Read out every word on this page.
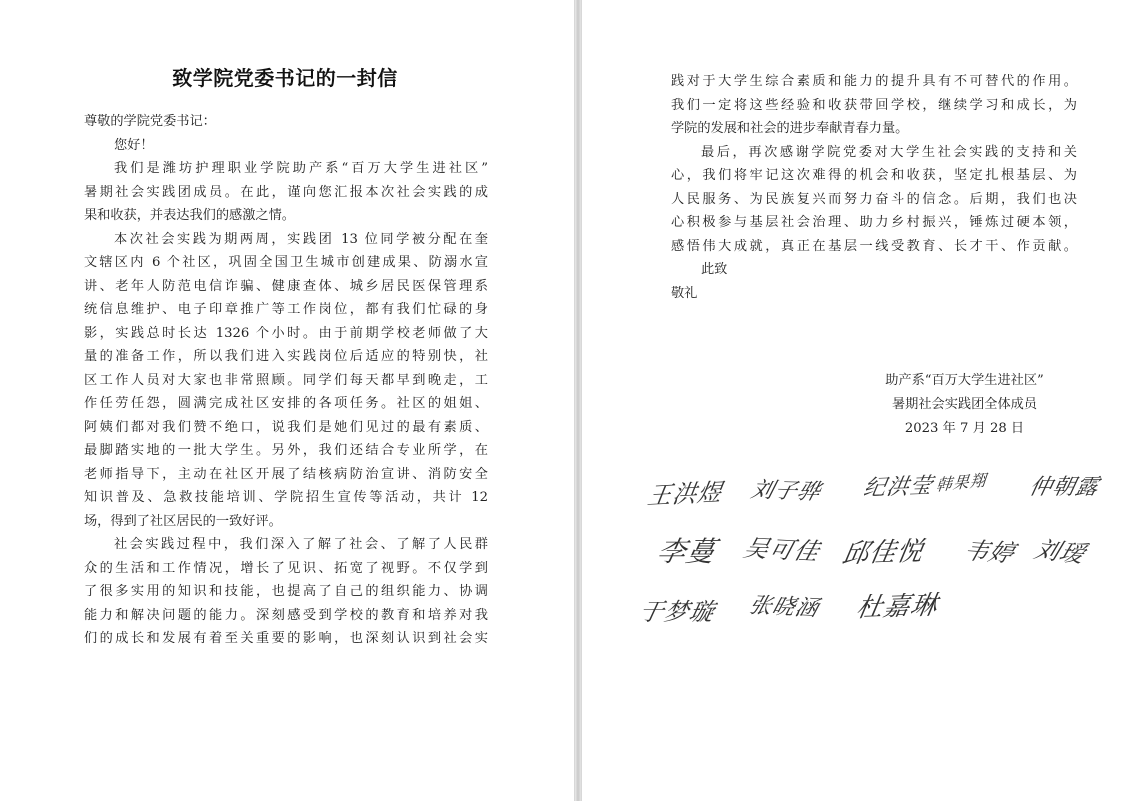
致学院党委书记的一封信
尊敬的学院党委书记：
您好！
我们是潍坊护理职业学院助产系“百万大学生进社区”
暑期社会实践团成员。在此，谨向您汇报本次社会实践的成
果和收获，并表达我们的感激之情。
本次社会实践为期两周，实践团 13 位同学被分配在奎
文辖区内 6 个社区，巩固全国卫生城市创建成果、防溺水宣
讲、老年人防范电信诈骗、健康查体、城乡居民医保管理系
统信息维护、电子印章推广等工作岗位，都有我们忙碌的身
影，实践总时长达 1326 个小时。由于前期学校老师做了大
量的准备工作，所以我们进入实践岗位后适应的特别快，社
区工作人员对大家也非常照顾。同学们每天都早到晚走，工
作任劳任怨，圆满完成社区安排的各项任务。社区的姐姐、
阿姨们都对我们赞不绝口，说我们是她们见过的最有素质、
最脚踏实地的一批大学生。另外，我们还结合专业所学，在
老师指导下，主动在社区开展了结核病防治宣讲、消防安全
知识普及、急救技能培训、学院招生宣传等活动，共计 12
场，得到了社区居民的一致好评。
社会实践过程中，我们深入了解了社会、了解了人民群
众的生活和工作情况，增长了见识、拓宽了视野。不仅学到
了很多实用的知识和技能，也提高了自己的组织能力、协调
能力和解决问题的能力。深刻感受到学校的教育和培养对我
们的成长和发展有着至关重要的影响，也深刻认识到社会实
践对于大学生综合素质和能力的提升具有不可替代的作用。
我们一定将这些经验和收获带回学校，继续学习和成长，为
学院的发展和社会的进步奉献青春力量。
最后，再次感谢学院党委对大学生社会实践的支持和关
心，我们将牢记这次难得的机会和收获，坚定扎根基层、为
人民服务、为民族复兴而努力奋斗的信念。后期，我们也决
心积极参与基层社会治理、助力乡村振兴，锤炼过硬本领，
感悟伟大成就，真正在基层一线受教育、长才干、作贡献。
此致
敬礼
助产系“百万大学生进社区”
暑期社会实践团全体成员
2023 年 7 月 28 日
王洪煜 刘子骅 纪洪莹 韩果翔 仲朝露
李蔓 吴可佳 邱佳悦 韦婷 刘瑷
于梦璇 张晓涵 杜嘉琳
